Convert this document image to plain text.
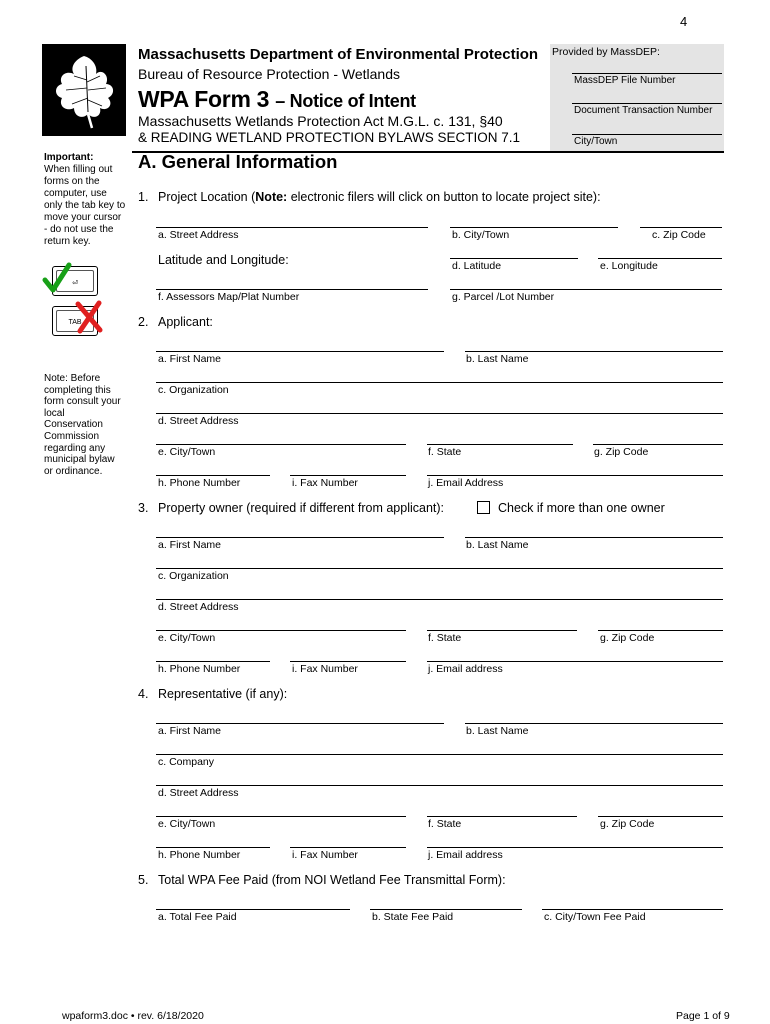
4
Massachusetts Department of Environmental Protection
Bureau of Resource Protection - Wetlands
WPA Form 3 – Notice of Intent
Massachusetts Wetlands Protection Act M.G.L. c. 131, §40
& READING WETLAND PROTECTION BYLAWS SECTION 7.1
Provided by MassDEP:
MassDEP File Number
Document Transaction Number
City/Town
Important:
When filling out forms on the computer, use only the tab key to move your cursor - do not use the return key.
⏎
TAB
Note: Before completing this form consult your local Conservation Commission regarding any municipal bylaw or ordinance.
A. General Information
1. Project Location (Note: electronic filers will click on button to locate project site):
a. Street Address	b. City/Town	c. Zip Code
Latitude and Longitude:	d. Latitude	e. Longitude
f. Assessors Map/Plat Number	g. Parcel /Lot Number
2. Applicant:
a. First Name	b. Last Name
c. Organization
d. Street Address
e. City/Town	f. State	g. Zip Code
h. Phone Number	i. Fax Number	j. Email Address
3. Property owner (required if different from applicant):	Check if more than one owner
a. First Name	b. Last Name
c. Organization
d. Street Address
e. City/Town	f. State	g. Zip Code
h. Phone Number	i. Fax Number	j. Email address
4. Representative (if any):
a. First Name	b. Last Name
c. Company
d. Street Address
e. City/Town	f. State	g. Zip Code
h. Phone Number	i. Fax Number	j. Email address
5. Total WPA Fee Paid (from NOI Wetland Fee Transmittal Form):
a. Total Fee Paid	b. State Fee Paid	c. City/Town Fee Paid
wpaform3.doc • rev. 6/18/2020	Page 1 of 9
